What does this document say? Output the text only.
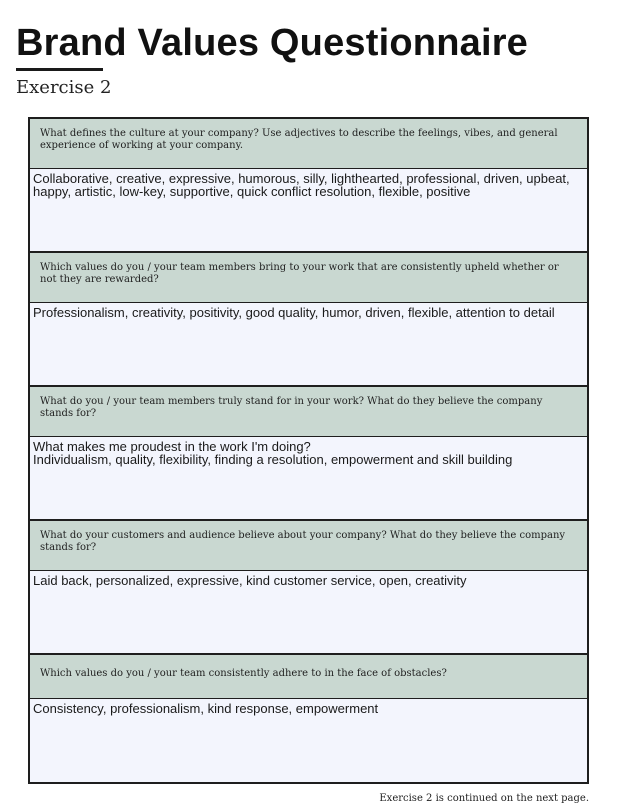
Brand Values Questionnaire
Exercise 2
What defines the culture at your company? Use adjectives to describe the feelings, vibes, and general experience of working at your company.
Collaborative, creative, expressive, humorous, silly, lighthearted, professional, driven, upbeat, happy, artistic, low-key, supportive, quick conflict resolution, flexible, positive
Which values do you / your team members bring to your work that are consistently upheld whether or not they are rewarded?
Professionalism, creativity, positivity, good quality, humor, driven, flexible, attention to detail
What do you / your team members truly stand for in your work? What do they believe the company stands for?
What makes me proudest in the work I'm doing?
Individualism, quality, flexibility, finding a resolution, empowerment and skill building
What do your customers and audience believe about your company? What do they believe the company stands for?
Laid back, personalized, expressive, kind customer service, open, creativity
Which values do you / your team consistently adhere to in the face of obstacles?
Consistency, professionalism, kind response, empowerment
Exercise 2 is continued on the next page.
